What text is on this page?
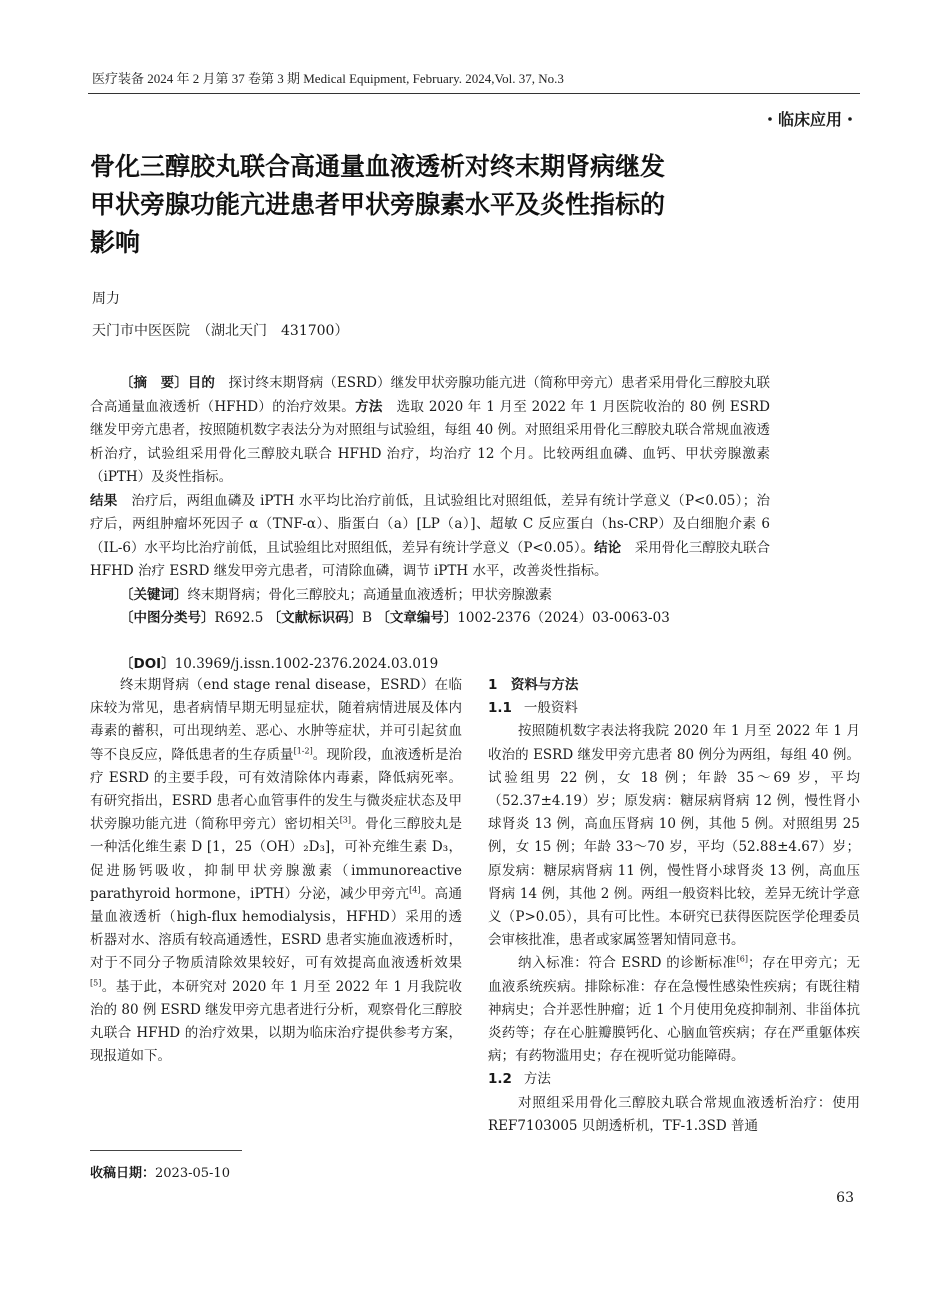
医疗装备 2024 年 2 月第 37 卷第 3 期 Medical Equipment, February. 2024,Vol. 37, No.3
・临床应用・
骨化三醇胶丸联合高通量血液透析对终末期肾病继发
甲状旁腺功能亢进患者甲状旁腺素水平及炎性指标的
影响
周力
天门市中医医院　（湖北天门　431700）

〔摘　要〕目的　 探讨终末期肾病（ESRD）继发甲状旁腺功能亢进（简称甲旁亢）患者采用骨化三醇胶丸联合高通量血液透析（HFHD）的治疗效果。方法　 选取 2020 年 1 月至 2022 年 1 月医院收治的 80 例 ESRD 继发甲旁亢患者，按照随机数字表法分为对照组与试验组，每组 40 例。对照组采用骨化三醇胶丸联合常规血液透析治疗，试验组采用骨化三醇胶丸联合 HFHD 治疗，均治疗 12 个月。比较两组血磷、血钙、甲状旁腺激素（iPTH）及炎性指标。

结果　 治疗后，两组血磷及 iPTH 水平均比治疗前低，且试验组比对照组低，差异有统计学意义（P<0.05）；治疗后，两组肿瘤坏死因子 α（TNF-α）、脂蛋白（a）[LP（a）]、超敏 C 反应蛋白（hs-CRP）及白细胞介素 6（IL-6）水平均比治疗前低，且试验组比对照组低，差异有统计学意义（P<0.05）。结论　 采用骨化三醇胶丸联合 HFHD 治疗 ESRD 继发甲旁亢患者，可清除血磷，调节 iPTH 水平，改善炎性指标。

〔关键词〕终末期肾病；骨化三醇胶丸；高通量血液透析；甲状旁腺激素

〔中图分类号〕R692.5 〔文献标识码〕B 〔文章编号〕1002-2376（2024）03-0063-03

〔DOI〕10.3969/j.issn.1002-2376.2024.03.019

终末期肾病（end stage renal disease，ESRD）在临床较为常见，患者病情早期无明显症状，随着病情进展及体内毒素的蓄积，可出现纳差、恶心、水肿等症状，并可引起贫血等不良反应，降低患者的生存质量[1-2]。现阶段，血液透析是治疗 ESRD 的主要手段，可有效清除体内毒素，降低病死率。有研究指出，ESRD 患者心血管事件的发生与微炎症状态及甲状旁腺功能亢进（简称甲旁亢）密切相关[3]。骨化三醇胶丸是一种活化维生素 D [1，25（OH）₂D₃]，可补充维生素 D₃，促进肠钙吸收，抑制甲状旁腺激素（immunoreactive parathyroid hormone，iPTH）分泌，减少甲旁亢[4]。高通量血液透析（high-flux hemodialysis，HFHD）采用的透析器对水、溶质有较高通透性，ESRD 患者实施血液透析时，对于不同分子物质清除效果较好，可有效提高血液透析效果[5]。基于此，本研究对 2020 年 1 月至 2022 年 1 月我院收治的 80 例 ESRD 继发甲旁亢患者进行分析，观察骨化三醇胶丸联合 HFHD 的治疗效果，以期为临床治疗提供参考方案，现报道如下。

1　资料与方法

1.1 一般资料

按照随机数字表法将我院 2020 年 1 月至 2022 年 1 月收治的 ESRD 继发甲旁亢患者 80 例分为两组，每组 40 例。试验组男 22 例，女 18 例；年龄 35～69 岁，平均（52.37±4.19）岁；原发病：糖尿病肾病 12 例，慢性肾小球肾炎 13 例，高血压肾病 10 例，其他 5 例。对照组男 25 例，女 15 例；年龄 33～70 岁，平均（52.88±4.67）岁；原发病：糖尿病肾病 11 例，慢性肾小球肾炎 13 例，高血压肾病 14 例，其他 2 例。两组一般资料比较，差异无统计学意义（P>0.05），具有可比性。本研究已获得医院医学伦理委员会审核批准，患者或家属签署知情同意书。

纳入标准：符合 ESRD 的诊断标准[6]；存在甲旁亢；无血液系统疾病。排除标准：存在急慢性感染性疾病；有既往精神病史；合并恶性肿瘤；近 1 个月使用免疫抑制剂、非甾体抗炎药等；存在心脏瓣膜钙化、心脑血管疾病；存在严重躯体疾病；有药物滥用史；存在视听觉功能障碍。

1.2 方法

对照组采用骨化三醇胶丸联合常规血液透析治疗：使用 REF7103005 贝朗透析机，TF-1.3SD 普通

收稿日期：2023-05-10
63
